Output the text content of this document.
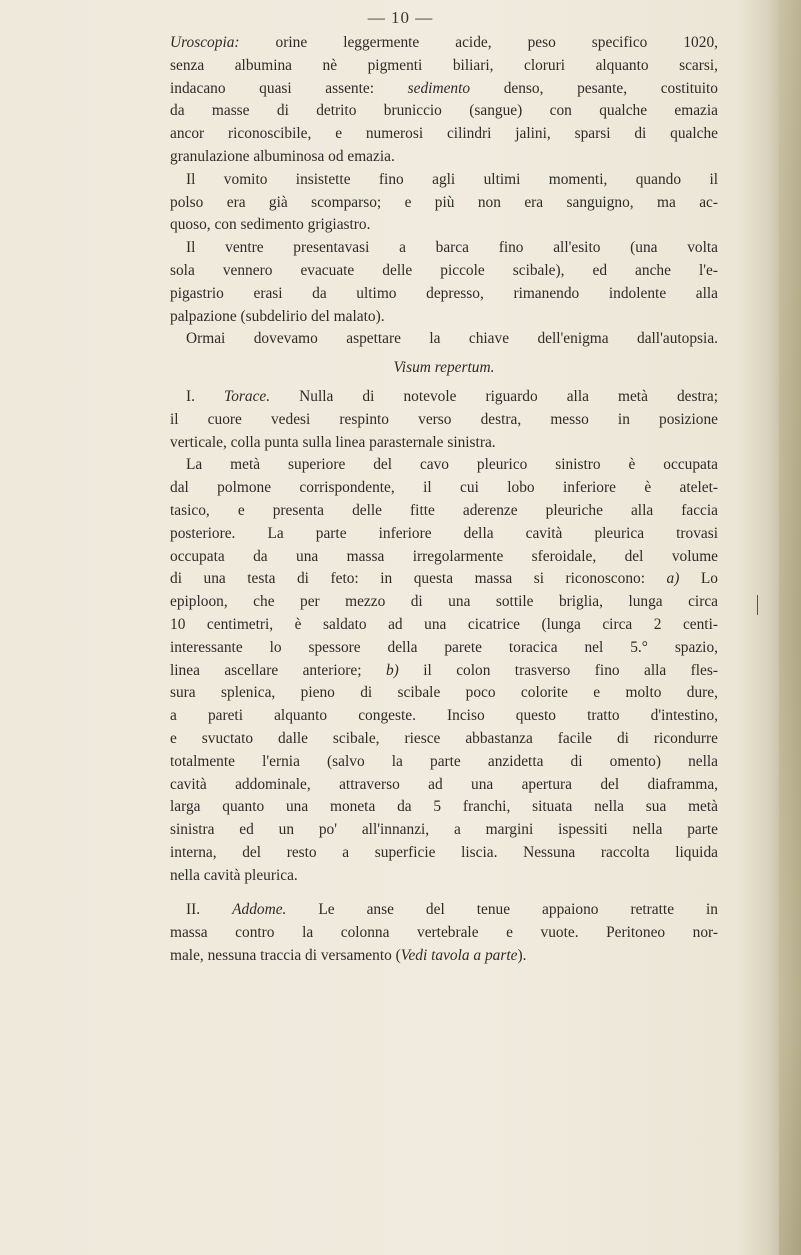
— 10 —
Uroscopia: orine leggermente acide, peso specifico 1020,
senza albumina nè pigmenti biliari, cloruri alquanto scarsi,
indacano quasi assente: sedimento denso, pesante, costituito
da masse di detrito bruniccio (sangue) con qualche emazia
ancor riconoscibile, e numerosi cilindri jalini, sparsi di qualche
granulazione albuminosa od emazia.
Il vomito insistette fino agli ultimi momenti, quando il
polso era già scomparso; e più non era sanguigno, ma ac-
quoso, con sedimento grigiastro.
Il ventre presentavasi a barca fino all'esito (una volta
sola vennero evacuate delle piccole scibale), ed anche l'e-
pigastrio erasi da ultimo depresso, rimanendo indolente alla
palpazione (subdelirio del malato).
Ormai dovevamo aspettare la chiave dell'enigma dall'autopsia.
Visum repertum.
I. Torace. Nulla di notevole riguardo alla metà destra;
il cuore vedesi respinto verso destra, messo in posizione
verticale, colla punta sulla linea parasternale sinistra.
La metà superiore del cavo pleurico sinistro è occupata
dal polmone corrispondente, il cui lobo inferiore è atelet-
tasico, e presenta delle fitte aderenze pleuriche alla faccia
posteriore. La parte inferiore della cavità pleurica trovasi
occupata da una massa irregolarmente sferoidale, del volume
di una testa di feto: in questa massa si riconoscono: a) Lo
epiploon, che per mezzo di una sottile briglia, lunga circa
10 centimetri, è saldato ad una cicatrice (lunga circa 2 centi-
interessante lo spessore della parete toracica nel 5.° spazio,
linea ascellare anteriore; b) il colon trasverso fino alla fles-
sura splenica, pieno di scibale poco colorite e molto dure,
a pareti alquanto congeste. Inciso questo tratto d'intestino,
e svuctato dalle scibale, riesce abbastanza facile di ricondurre
totalmente l'ernia (salvo la parte anzidetta di omento) nella
cavità addominale, attraverso ad una apertura del diaframma,
larga quanto una moneta da 5 franchi, situata nella sua metà
sinistra ed un po' all'innanzi, a margini ispessiti nella parte
interna, del resto a superficie liscia. Nessuna raccolta liquida
nella cavità pleurica.
II. Addome. Le anse del tenue appaiono retratte in
massa contro la colonna vertebrale e vuote. Peritoneo nor-
male, nessuna traccia di versamento (Vedi tavola a parte).
